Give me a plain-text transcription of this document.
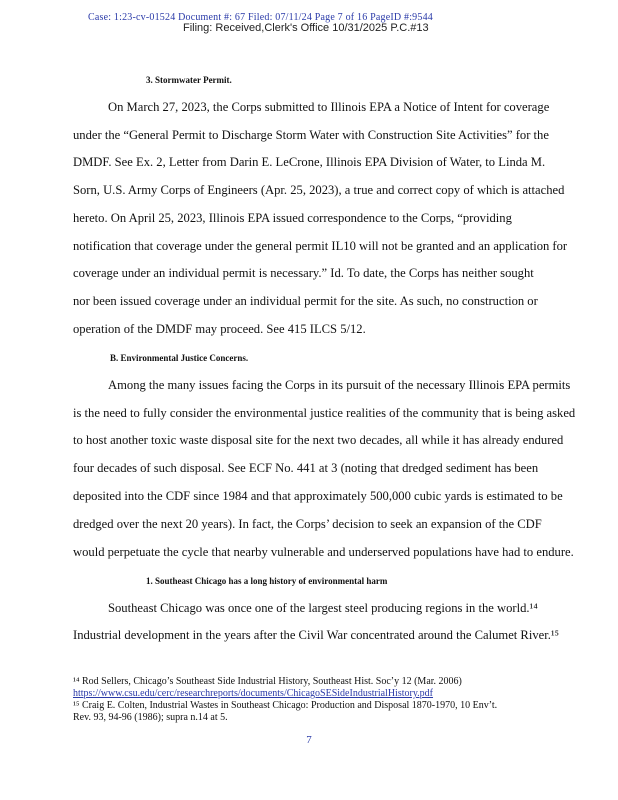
Case: 1:23-cv-01524 Document #: 67 Filed: 07/11/24 Page 7 of 16 PageID #:9544
Filing: Received,Clerk's Office 10/31/2025 P.C.#13
3. Stormwater Permit.
On March 27, 2023, the Corps submitted to Illinois EPA a Notice of Intent for coverage
under the “General Permit to Discharge Storm Water with Construction Site Activities” for the
DMDF. See Ex. 2, Letter from Darin E. LeCrone, Illinois EPA Division of Water, to Linda M.
Sorn, U.S. Army Corps of Engineers (Apr. 25, 2023), a true and correct copy of which is attached
hereto. On April 25, 2023, Illinois EPA issued correspondence to the Corps, “providing
notification that coverage under the general permit IL10 will not be granted and an application for
coverage under an individual permit is necessary.” Id. To date, the Corps has neither sought
nor been issued coverage under an individual permit for the site. As such, no construction or
operation of the DMDF may proceed. See 415 ILCS 5/12.
B. Environmental Justice Concerns.
Among the many issues facing the Corps in its pursuit of the necessary Illinois EPA permits
is the need to fully consider the environmental justice realities of the community that is being asked
to host another toxic waste disposal site for the next two decades, all while it has already endured
four decades of such disposal. See ECF No. 441 at 3 (noting that dredged sediment has been
deposited into the CDF since 1984 and that approximately 500,000 cubic yards is estimated to be
dredged over the next 20 years). In fact, the Corps’ decision to seek an expansion of the CDF
would perpetuate the cycle that nearby vulnerable and underserved populations have had to endure.
1. Southeast Chicago has a long history of environmental harm
Southeast Chicago was once one of the largest steel producing regions in the world.¹⁴
Industrial development in the years after the Civil War concentrated around the Calumet River.¹⁵
¹⁴ Rod Sellers, Chicago’s Southeast Side Industrial History, Southeast Hist. Soc’y 12 (Mar. 2006)
https://www.csu.edu/cerc/researchreports/documents/ChicagoSESideIndustrialHistory.pdf
¹⁵ Craig E. Colten, Industrial Wastes in Southeast Chicago: Production and Disposal 1870-1970, 10 Env’t.
Rev. 93, 94-96 (1986); supra n.14 at 5.
7
